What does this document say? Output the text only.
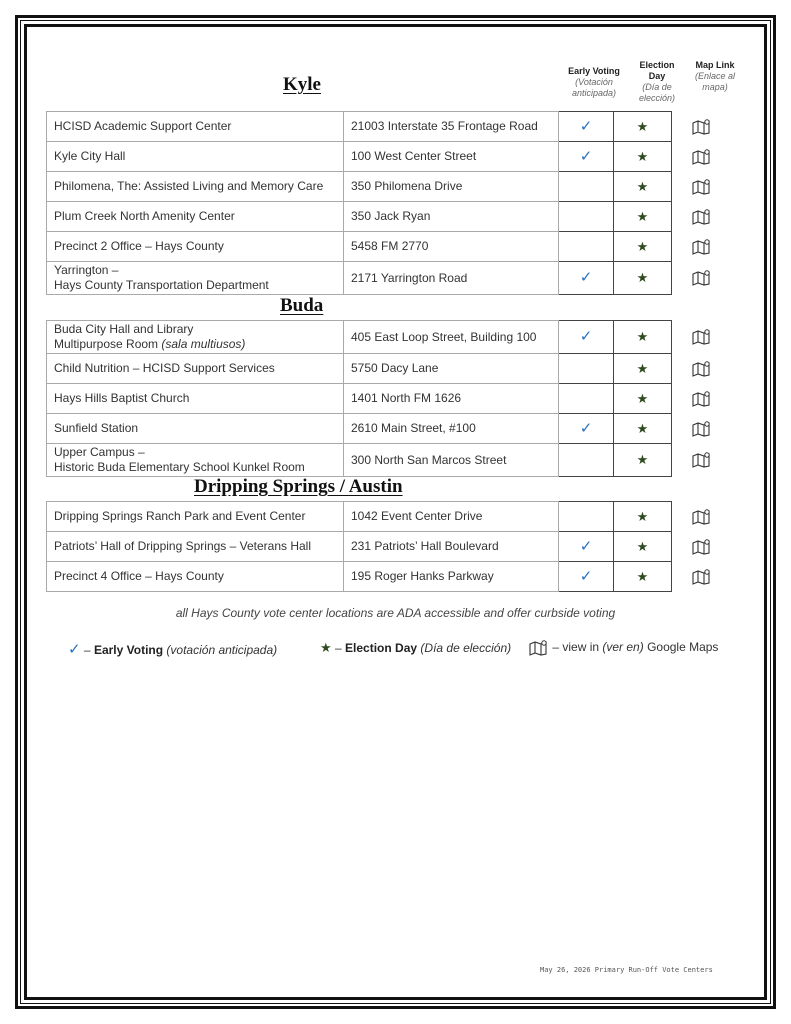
Early Voting
(Votación anticipada)
Election Day
(Día de elección)
Map Link
(Enlace al mapa)
Kyle
HCISD Academic Support Center	21003 Interstate 35 Frontage Road	✓	★	
Kyle City Hall	100 West Center Street	✓	★	
Philomena, The: Assisted Living and Memory Care	350 Philomena Drive		★	
Plum Creek North Amenity Center	350 Jack Ryan		★	
Precinct 2 Office – Hays County	5458 FM 2770		★	
Yarrington –
Hays County Transportation Department	2171 Yarrington Road	✓	★	
Buda
Buda City Hall and Library
Multipurpose Room (sala multiusos)	405 East Loop Street, Building 100	✓	★	
Child Nutrition – HCISD Support Services	5750 Dacy Lane		★	
Hays Hills Baptist Church	1401 North FM 1626		★	
Sunfield Station	2610 Main Street, #100	✓	★	
Upper Campus –
Historic Buda Elementary School Kunkel Room	300 North San Marcos Street		★	
Dripping Springs / Austin
Dripping Springs Ranch Park and Event Center	1042 Event Center Drive		★	
Patriots’ Hall of Dripping Springs – Veterans Hall	231 Patriots’ Hall Boulevard	✓	★	
Precinct 4 Office – Hays County	195 Roger Hanks Parkway	✓	★	
all Hays County vote center locations are ADA accessible and offer curbside voting
✓ – Early Voting (votación anticipada)	★ – Election Day (Día de elección)	– view in (ver en) Google Maps
May 26, 2026 Primary Run-Off Vote Centers
